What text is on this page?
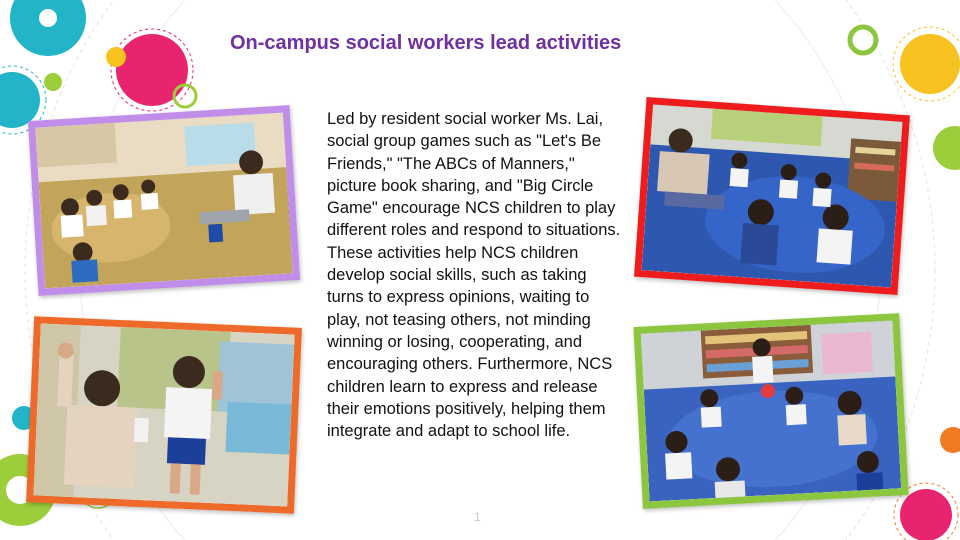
On-campus social workers lead activities
Led by resident social worker Ms. Lai, social group games such as "Let's Be Friends," "The ABCs of Manners," picture book sharing, and "Big Circle Game" encourage NCS children to play different roles and respond to situations. These activities help NCS children develop social skills, such as taking turns to express opinions, waiting to play, not teasing others, not minding winning or losing, cooperating, and encouraging others. Furthermore, NCS children learn to express and release their emotions positively, helping them integrate and adapt to school life.
1
